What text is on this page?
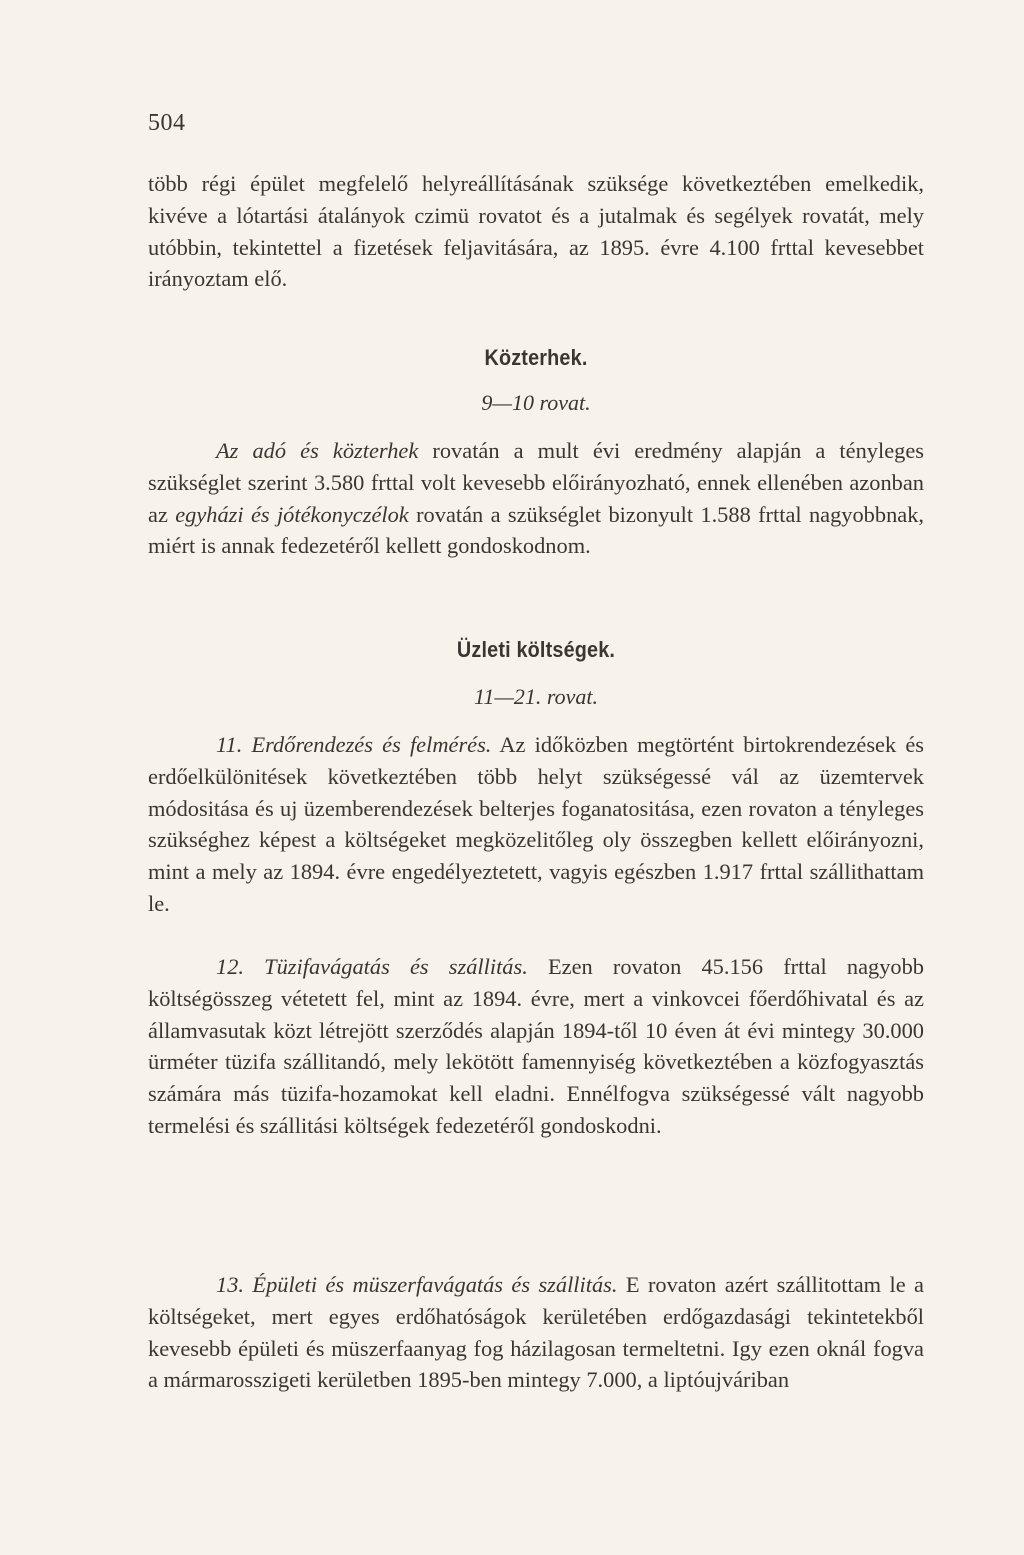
504

több régi épület megfelelő helyreállításának szüksége következtében emelkedik, kivéve a lótartási átalányok czimü rovatot és a jutalmak és segélyek rovatát, mely utóbbin, tekintettel a fizetések feljavitására, az 1895. évre 4.100 frttal kevesebbet irányoztam elő.

Közterhek.
9—10 rovat.

Az adó és közterhek rovatán a mult évi eredmény alapján a tényleges szükséglet szerint 3.580 frttal volt kevesebb előirányozható, ennek ellenében azonban az egyházi és jótékonyczélok rovatán a szükséglet bizonyult 1.588 frttal nagyobbnak, miért is annak fedezetéről kellett gondoskodnom.

Üzleti költségek.
11—21. rovat.

11. Erdőrendezés és felmérés. Az időközben megtörtént birtokrendezések és erdőelkülönitések következtében több helyt szükségessé vál az üzemtervek módositása és uj üzemberendezések belterjes foganatositása, ezen rovaton a tényleges szükséghez képest a költségeket megközelitőleg oly összegben kellett előirányozni, mint a mely az 1894. évre engedélyeztetett, vagyis egészben 1.917 frttal szállithattam le.

12. Tüzifavágatás és szállitás. Ezen rovaton 45.156 frttal nagyobb költségösszeg vétetett fel, mint az 1894. évre, mert a vinkovcei főerdőhivatal és az államvasutak közt létrejött szerződés alapján 1894-től 10 éven át évi mintegy 30.000 ürméter tüzifa szállitandó, mely lekötött famennyiség következtében a közfogyasztás számára más tüzifa-hozamokat kell eladni. Ennélfogva szükségessé vált nagyobb termelési és szállitási költségek fedezetéről gondoskodni.

13. Épületi és müszerfavágatás és szállitás. E rovaton azért szállitottam le a költségeket, mert egyes erdőhatóságok kerületében erdőgazdasági tekintetekből kevesebb épületi és müszerfaanyag fog házilagosan termeltetni. Igy ezen oknál fogva a mármarosszigeti kerületben 1895-ben mintegy 7.000, a liptóujváriban
